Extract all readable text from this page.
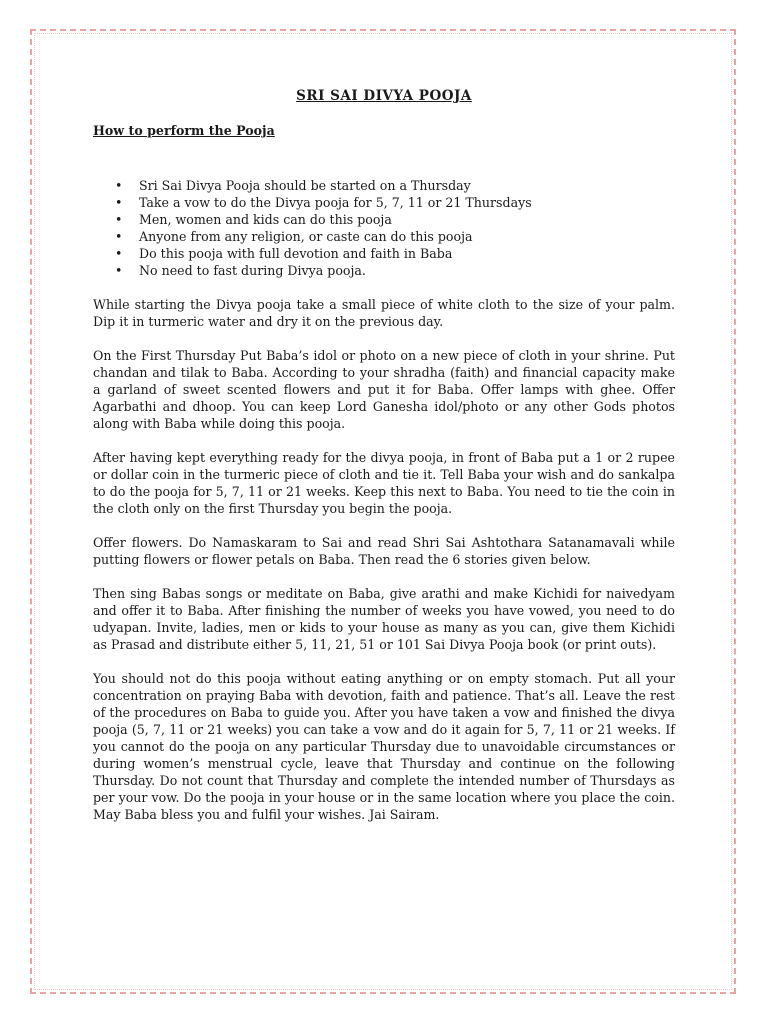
SRI SAI DIVYA POOJA
How to perform the Pooja
• Sri Sai Divya Pooja should be started on a Thursday
• Take a vow to do the Divya pooja for 5, 7, 11 or 21 Thursdays
• Men, women and kids can do this pooja
• Anyone from any religion, or caste can do this pooja
• Do this pooja with full devotion and faith in Baba
• No need to fast during Divya pooja.

While starting the Divya pooja take a small piece of white cloth to the size of your palm. Dip it in turmeric water and dry it on the previous day.

On the First Thursday Put Baba’s idol or photo on a new piece of cloth in your shrine. Put chandan and tilak to Baba. According to your shradha (faith) and financial capacity make a garland of sweet scented flowers and put it for Baba. Offer lamps with ghee. Offer Agarbathi and dhoop. You can keep Lord Ganesha idol/photo or any other Gods photos along with Baba while doing this pooja.

After having kept everything ready for the divya pooja, in front of Baba put a 1 or 2 rupee or dollar coin in the turmeric piece of cloth and tie it. Tell Baba your wish and do sankalpa to do the pooja for 5, 7, 11 or 21 weeks. Keep this next to Baba. You need to tie the coin in the cloth only on the first Thursday you begin the pooja.

Offer flowers. Do Namaskaram to Sai and read Shri Sai Ashtothara Satanamavali while putting flowers or flower petals on Baba. Then read the 6 stories given below.

Then sing Babas songs or meditate on Baba, give arathi and make Kichidi for naivedyam and offer it to Baba. After finishing the number of weeks you have vowed, you need to do udyapan. Invite, ladies, men or kids to your house as many as you can, give them Kichidi as Prasad and distribute either 5, 11, 21, 51 or 101 Sai Divya Pooja book (or print outs).

You should not do this pooja without eating anything or on empty stomach. Put all your concentration on praying Baba with devotion, faith and patience. That’s all. Leave the rest of the procedures on Baba to guide you. After you have taken a vow and finished the divya pooja (5, 7, 11 or 21 weeks) you can take a vow and do it again for 5, 7, 11 or 21 weeks. If you cannot do the pooja on any particular Thursday due to unavoidable circumstances or during women’s menstrual cycle, leave that Thursday and continue on the following Thursday. Do not count that Thursday and complete the intended number of Thursdays as per your vow. Do the pooja in your house or in the same location where you place the coin. May Baba bless you and fulfil your wishes. Jai Sairam.
